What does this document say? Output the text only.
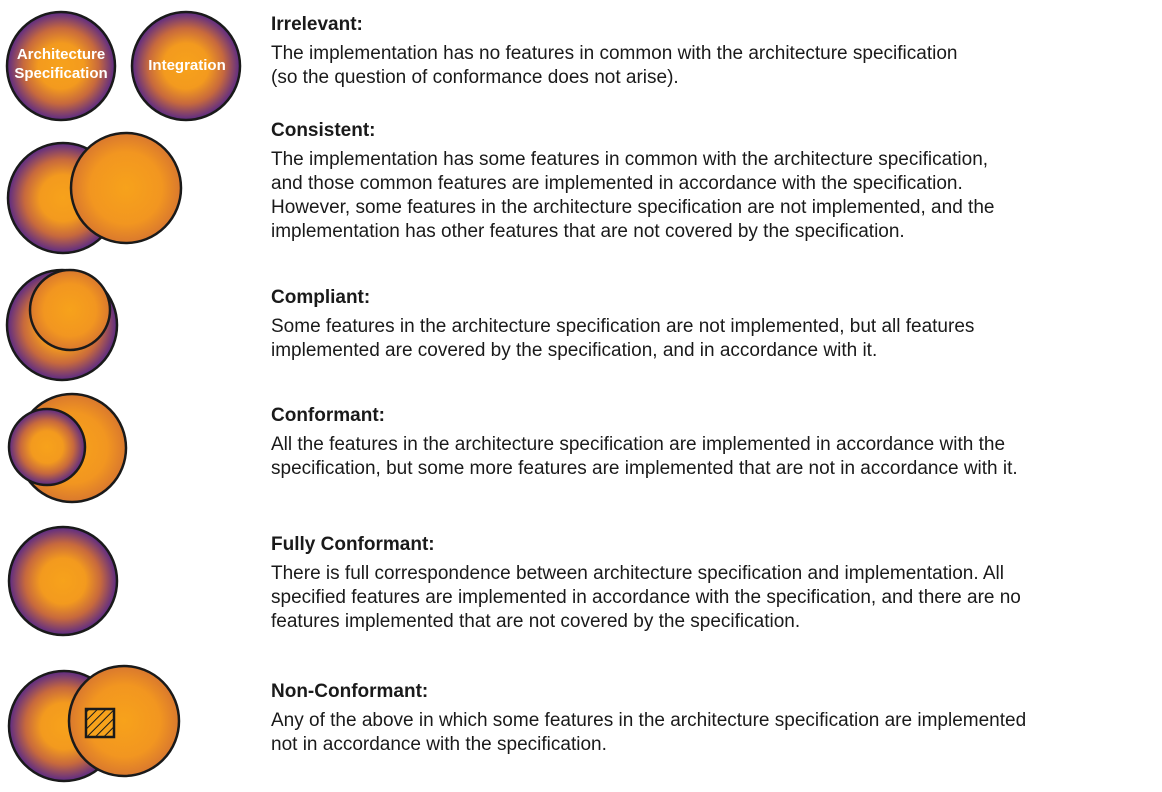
Architecture
Specification	Integration
Irrelevant:

The implementation has no features in common with the architecture specification
(so the question of conformance does not arise).

Consistent:

The implementation has some features in common with the architecture specification,
and those common features are implemented in accordance with the specification.
However, some features in the architecture specification are not implemented, and the
implementation has other features that are not covered by the specification.

Compliant:

Some features in the architecture specification are not implemented, but all features
implemented are covered by the specification, and in accordance with it.

Conformant:

All the features in the architecture specification are implemented in accordance with the
specification, but some more features are implemented that are not in accordance with it.

Fully Conformant:

There is full correspondence between architecture specification and implementation. All
specified features are implemented in accordance with the specification, and there are no
features implemented that are not covered by the specification.

Non-Conformant:

Any of the above in which some features in the architecture specification are implemented
not in accordance with the specification.
